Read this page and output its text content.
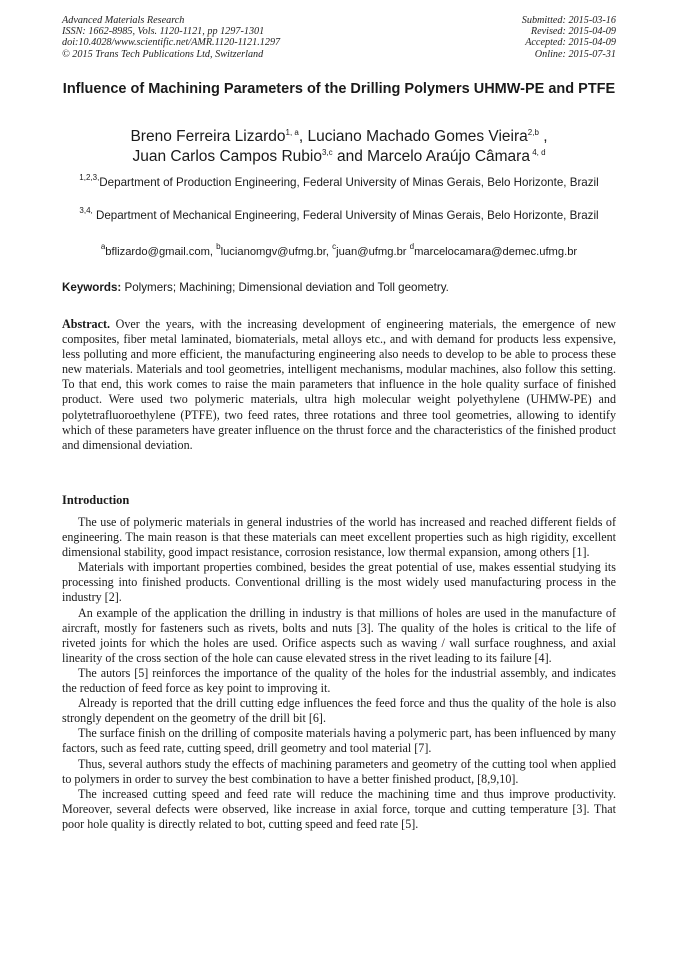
Advanced Materials Research
ISSN: 1662-8985, Vols. 1120-1121, pp 1297-1301
doi:10.4028/www.scientific.net/AMR.1120-1121.1297
© 2015 Trans Tech Publications Ltd, Switzerland
Submitted: 2015-03-16
Revised: 2015-04-09
Accepted: 2015-04-09
Online: 2015-07-31
Influence of Machining Parameters of the Drilling Polymers UHMW-PE and PTFE
Breno Ferreira Lizardo$^{1, a}$, Luciano Machado Gomes Vieira$^{2,b}$ ,
Juan Carlos Campos Rubio$^{3,c}$ and Marcelo Araújo Câmara $^{4, d}$
$^{1,2,3,}$Department of Production Engineering, Federal University of Minas Gerais, Belo Horizonte, Brazil
$^{3,4,}$ Department of Mechanical Engineering, Federal University of Minas Gerais, Belo Horizonte, Brazil
$^a$bflizardo@gmail.com, $^b$lucianomgv@ufmg.br, $^c$juan@ufmg.br $^d$marcelocamara@demec.ufmg.br
Keywords: Polymers; Machining; Dimensional deviation and Toll geometry.
Abstract. Over the years, with the increasing development of engineering materials, the emergence of new composites, fiber metal laminated, biomaterials, metal alloys etc., and with demand for products less expensive, less polluting and more efficient, the manufacturing engineering also needs to develop to be able to process these new materials. Materials and tool geometries, intelligent mechanisms, modular machines, also follow this setting. To that end, this work comes to raise the main parameters that influence in the hole quality surface of finished product. Were used two polymeric materials, ultra high molecular weight polyethylene (UHMW-PE) and polytetrafluoroethylene (PTFE), two feed rates, three rotations and three tool geometries, allowing to identify which of these parameters have greater influence on the thrust force and the characteristics of the finished product and dimensional deviation.
Introduction

The use of polymeric materials in general industries of the world has increased and reached different fields of engineering. The main reason is that these materials can meet excellent properties such as high rigidity, excellent dimensional stability, good impact resistance, corrosion resistance, low thermal expansion, among others [1].

Materials with important properties combined, besides the great potential of use, makes essential studying its processing into finished products. Conventional drilling is the most widely used manufacturing process in the industry [2].

An example of the application the drilling in industry is that millions of holes are used in the manufacture of aircraft, mostly for fasteners such as rivets, bolts and nuts [3]. The quality of the holes is critical to the life of riveted joints for which the holes are used. Orifice aspects such as waving / wall surface roughness, and axial linearity of the cross section of the hole can cause elevated stress in the rivet leading to its failure [4].

The autors [5] reinforces the importance of the quality of the holes for the industrial assembly, and indicates the reduction of feed force as key point to improving it.

Already is reported that the drill cutting edge influences the feed force and thus the quality of the hole is also strongly dependent on the geometry of the drill bit [6].

The surface finish on the drilling of composite materials having a polymeric part, has been influenced by many factors, such as feed rate, cutting speed, drill geometry and tool material [7].

Thus, several authors study the effects of machining parameters and geometry of the cutting tool when applied to polymers in order to survey the best combination to have a better finished product, [8,9,10].

The increased cutting speed and feed rate will reduce the machining time and thus improve productivity. Moreover, several defects were observed, like increase in axial force, torque and cutting temperature [3]. That poor hole quality is directly related to bot, cutting speed and feed rate [5].
